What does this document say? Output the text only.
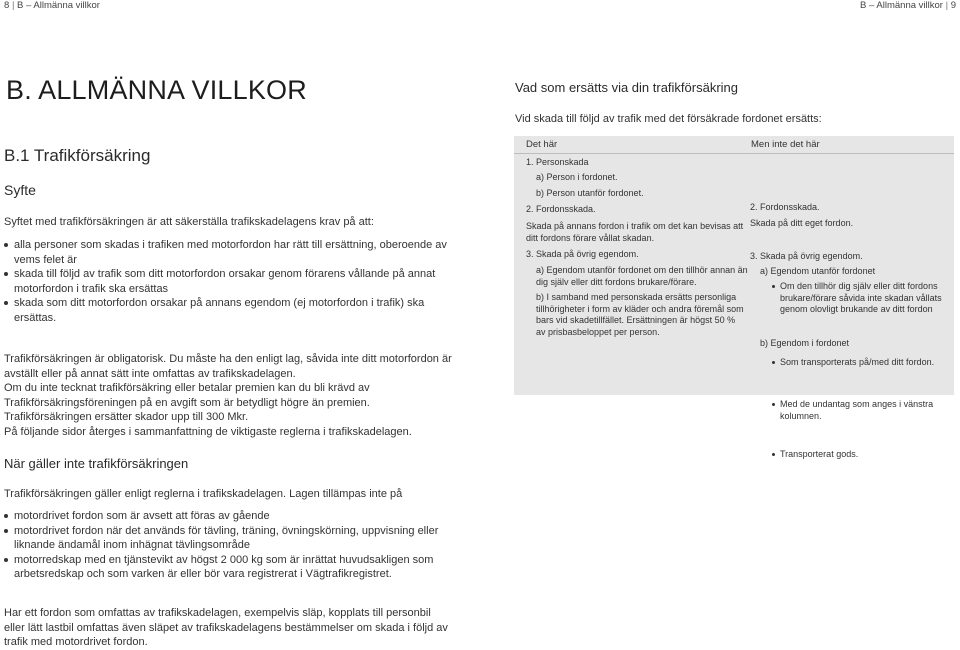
8 | B – Allmänna villkor	B – Allmänna villkor | 9
B. ALLMÄNNA VILLKOR
B.1 Trafikförsäkring
Syfte
Syftet med trafikförsäkringen är att säkerställa trafikskadelagens krav på att:
alla personer som skadas i trafiken med motorfordon har rätt till ersättning, oberoende av vems felet är
skada till följd av trafik som ditt motorfordon orsakar genom förarens vållande på annat motorfordon i trafik ska ersättas
skada som ditt motorfordon orsakar på annans egendom (ej motorfordon i trafik) ska ersättas.

Trafikförsäkringen är obligatorisk. Du måste ha den enligt lag, såvida inte ditt motorfordon är avställt eller på annat sätt inte omfattas av trafikskadelagen.

Om du inte tecknat trafikförsäkring eller betalar premien kan du bli krävd av Trafikförsäkringsföreningen på en avgift som är betydligt högre än premien. Trafikförsäkringen ersätter skador upp till 300 Mkr.

På följande sidor återges i sammanfattning de viktigaste reglerna i trafikskadelagen.

När gäller inte trafikförsäkringen
Trafikförsäkringen gäller enligt reglerna i trafikskadelagen. Lagen tillämpas inte på
motordrivet fordon som är avsett att föras av gående
motordrivet fordon när det används för tävling, träning, övningskörning, uppvisning eller liknande ändamål inom inhägnat tävlingsområde
motorredskap med en tjänstevikt av högst 2 000 kg som är inrättat huvudsakligen som arbetsredskap och som varken är eller bör vara registrerat i Vägtrafikregistret.
Har ett fordon som omfattas av trafikskadelagen, exempelvis släp, kopplats till personbil eller lätt lastbil omfattas även släpet av trafikskadelagens bestämmelser om skada i följd av trafik med motordrivet fordon.
Vad som ersätts via din trafikförsäkring
Vid skada till följd av trafik med det försäkrade fordonet ersätts:
Det här	Men inte det här
1. Personskada
a) Person i fordonet.
b) Person utanför fordonet.
2. Fordonsskada.
Skada på annans fordon i trafik om det kan bevisas att ditt fordons förare vållat skadan.
3. Skada på övrig egendom.
a) Egendom utanför fordonet om den tillhör annan än dig själv eller ditt fordons brukare/förare.
b) I samband med personskada ersätts personliga tillhörigheter i form av kläder och andra föremål som bars vid skadetillfället. Ersättningen är högst 50 % av prisbasbeloppet per person.
2. Fordonsskada.
Skada på ditt eget fordon.
3. Skada på övrig egendom.
a) Egendom utanför fordonet
Om den tillhör dig själv eller ditt fordons brukare/förare såvida inte skadan vållats genom olovligt brukande av ditt fordon
Som transporterats på/med ditt fordon.
b) Egendom i fordonet
Med de undantag som anges i vänstra kolumnen.
Transporterat gods.
